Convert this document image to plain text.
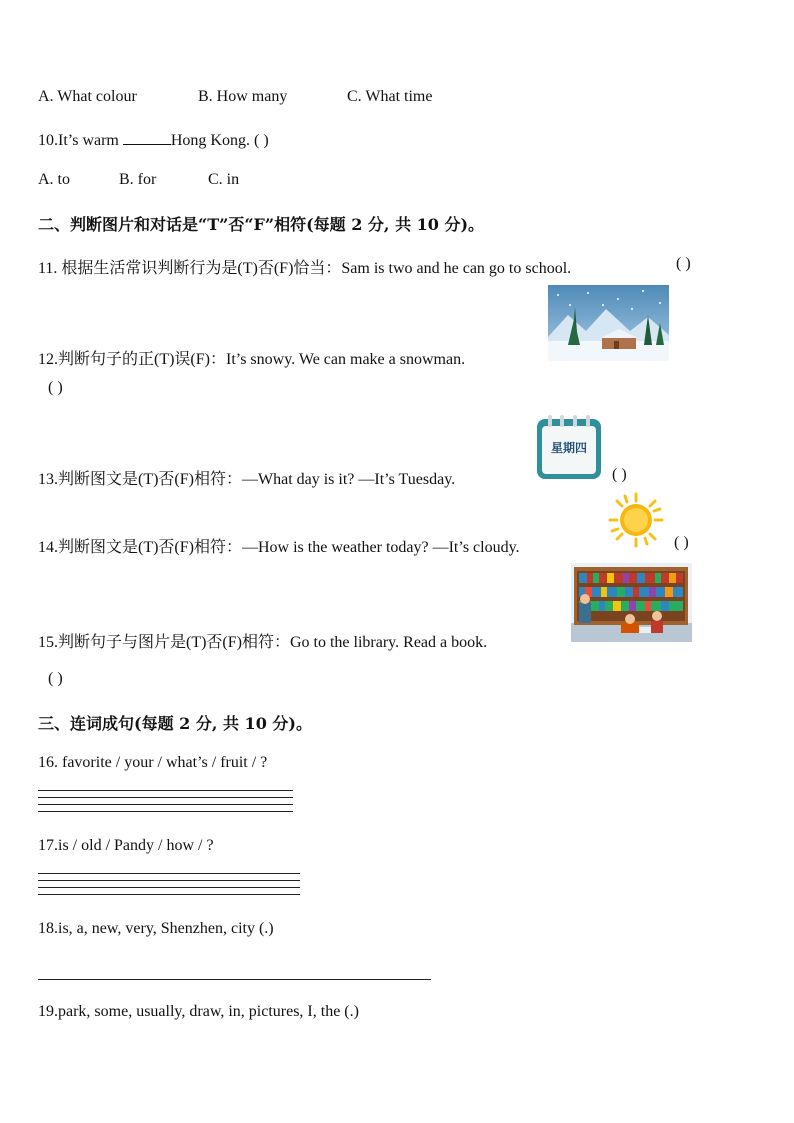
A. What colour	B. How many	C. What time
10.It’s warm	Hong Kong. ( )
A. to	B. for	C. in
二、判断图片和对话是“T”否“F”相符(每题 2 分, 共 10 分)。
11. 根据生活常识判断行为是(T)否(F)恰当：Sam is two and he can go to school.	( )
12.判断句子的正(T)误(F)：It’s snowy. We can make a snowman.
( )
星期四
13.判断图文是(T)否(F)相符：—What day is it? —It’s Tuesday.	( )
14.判断图文是(T)否(F)相符：—How is the weather today? —It’s cloudy.	( )
15.判断句子与图片是(T)否(F)相符：Go to the library. Read a book.
( )
三、连词成句(每题 2 分, 共 10 分)。
16. favorite / your / what’s / fruit / ?
17.is / old / Pandy / how / ?
18.is, a, new, very, Shenzhen, city (.)
19.park, some, usually, draw, in, pictures, I, the (.)
